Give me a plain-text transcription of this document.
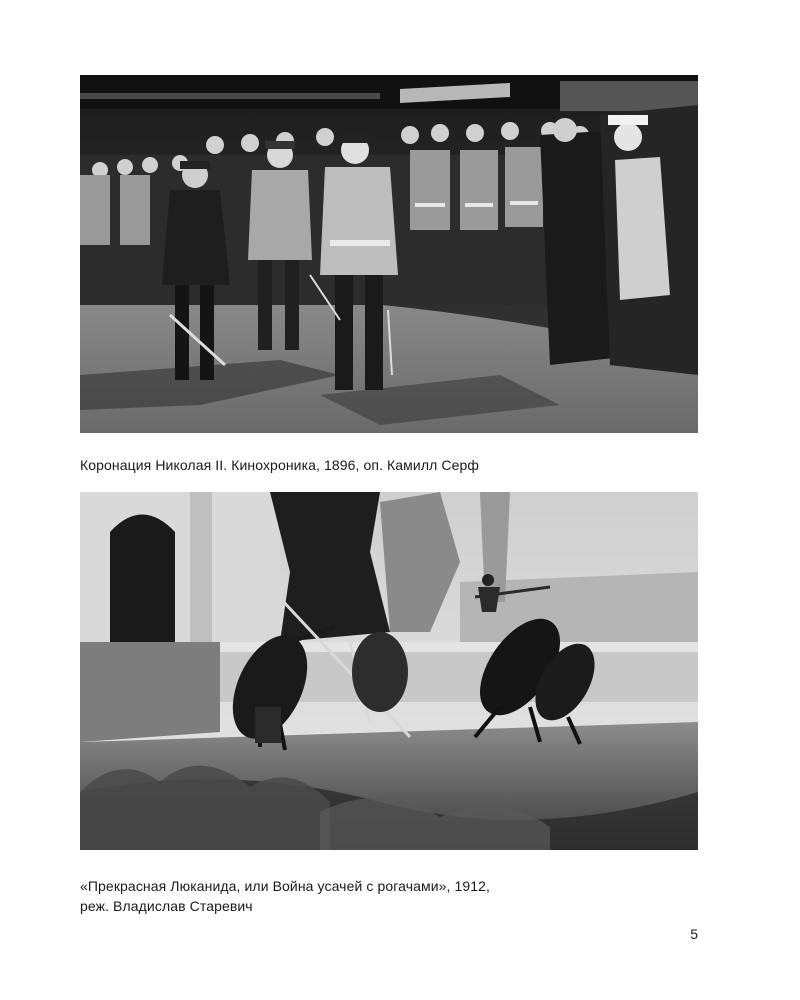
Коронация Николая II. Кинохроника, 1896, оп. Камилл Серф
«Прекрасная Люканида, или Война усачей с рогачами», 1912,
реж. Владислав Старевич
5
